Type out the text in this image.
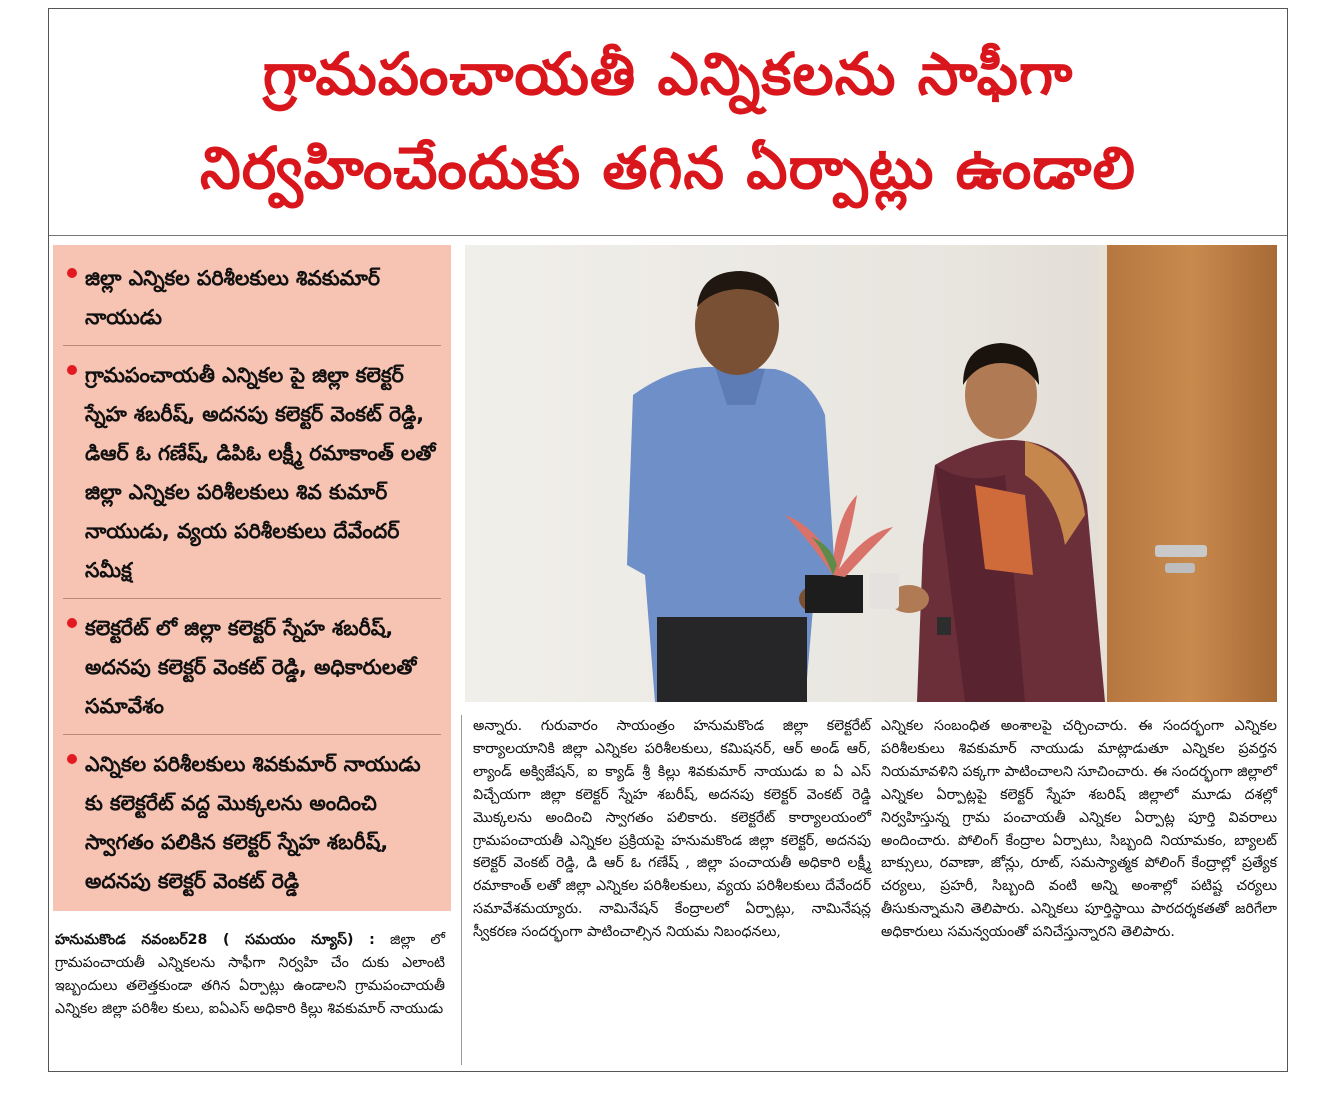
గ్రామపంచాయతీ ఎన్నికలను సాఫీగా
నిర్వహించేందుకు తగిన ఏర్పాట్లు ఉండాలి
జిల్లా ఎన్నికల పరిశీలకులు శివకుమార్ నాయుడు
గ్రామపంచాయతీ ఎన్నికల పై జిల్లా కలెక్టర్ స్నేహ శబరీష్, అదనపు కలెక్టర్ వెంకట్ రెడ్డి, డిఆర్ ఓ గణేష్, డిపిఓ లక్ష్మీ రమాకాంత్ లతో జిల్లా ఎన్నికల పరిశీలకులు శివ కుమార్ నాయుడు, వ్యయ పరిశీలకులు దేవేందర్ సమీక్ష
కలెక్టరేట్ లో జిల్లా కలెక్టర్ స్నేహ శబరీష్, అదనపు కలెక్టర్ వెంకట్ రెడ్డి, అధికారులతో సమావేశం
ఎన్నికల పరిశీలకులు శివకుమార్ నాయుడు కు కలెక్టరేట్ వద్ద మొక్కలను అందించి స్వాగతం పలికిన కలెక్టర్ స్నేహ శబరీష్, అదనపు కలెక్టర్ వెంకట్ రెడ్డి
హనుమకొండ నవంబర్28 ( సమయం న్యూస్) : జిల్లా లో గ్రామపంచాయతీ ఎన్నికలను సాఫీగా నిర్వహి చేం దుకు ఎలాంటి ఇబ్బందులు తలెత్తకుండా తగిన ఏర్పాట్లు ఉండాలని గ్రామపంచాయతీ ఎన్నికల జిల్లా పరిశీల కులు, ఐఏఎస్ అధికారి కిల్లు శివకుమార్ నాయుడు
అన్నారు. గురువారం సాయంత్రం హనుమకొండ జిల్లా కలెక్టరేట్ కార్యాలయానికి జిల్లా ఎన్నికల పరిశీలకులు, కమిషనర్, ఆర్ అండ్ ఆర్, ల్యాండ్ అక్విజేషన్, ఐ క్యాడ్ శ్రీ కిల్లు శివకుమార్ నాయుడు ఐ ఏ ఎస్ విచ్చేయగా జిల్లా కలెక్టర్ స్నేహ శబరీష్, అదనపు కలెక్టర్ వెంకట్ రెడ్డి మొక్కలను అందించి స్వాగతం పలికారు. కలెక్టరేట్ కార్యాలయంలో గ్రామపంచాయతీ ఎన్నికల ప్రక్రియపై హనుమకొండ జిల్లా కలెక్టర్, అదనపు కలెక్టర్ వెంకట్ రెడ్డి, డి ఆర్ ఓ గణేష్ , జిల్లా పంచాయతీ అధికారి లక్ష్మీ రమాకాంత్ లతో జిల్లా ఎన్నికల పరిశీలకులు, వ్యయ పరిశీలకులు దేవేందర్ సమావేశమయ్యారు. నామినేషన్ కేంద్రాలలో ఏర్పాట్లు, నామినేషన్ల స్వీకరణ సందర్భంగా పాటించాల్సిన నియమ నిబంధనలు,
ఎన్నికల సంబంధిత అంశాలపై చర్చించారు. ఈ సందర్భంగా ఎన్నికల పరిశీలకులు శివకుమార్ నాయుడు మాట్లాడుతూ ఎన్నికల ప్రవర్తన నియమావళిని పక్కగా పాటించాలని సూచించారు. ఈ సందర్భంగా జిల్లాలో ఎన్నికల ఏర్పాట్లపై కలెక్టర్ స్నేహ శబరిష్ జిల్లాలో మూడు దశల్లో నిర్వహిస్తున్న గ్రామ పంచాయతీ ఎన్నికల ఏర్పాట్ల పూర్తి వివరాలు అందించారు. పోలింగ్ కేంద్రాల ఏర్పాటు, సిబ్బంది నియామకం, బ్యాలట్ బాక్సులు, రవాణా, జోన్లు, రూట్, సమస్యాత్మక పోలింగ్ కేంద్రాల్లో ప్రత్యేక చర్యలు, ప్రహరీ, సిబ్బంది వంటి అన్ని అంశాల్లో పటిష్ట చర్యలు తీసుకున్నామని తెలిపారు. ఎన్నికలు పూర్తిస్థాయి పారదర్శకతతో జరిగేలా అధికారులు సమన్వయంతో పనిచేస్తున్నారని తెలిపారు.
